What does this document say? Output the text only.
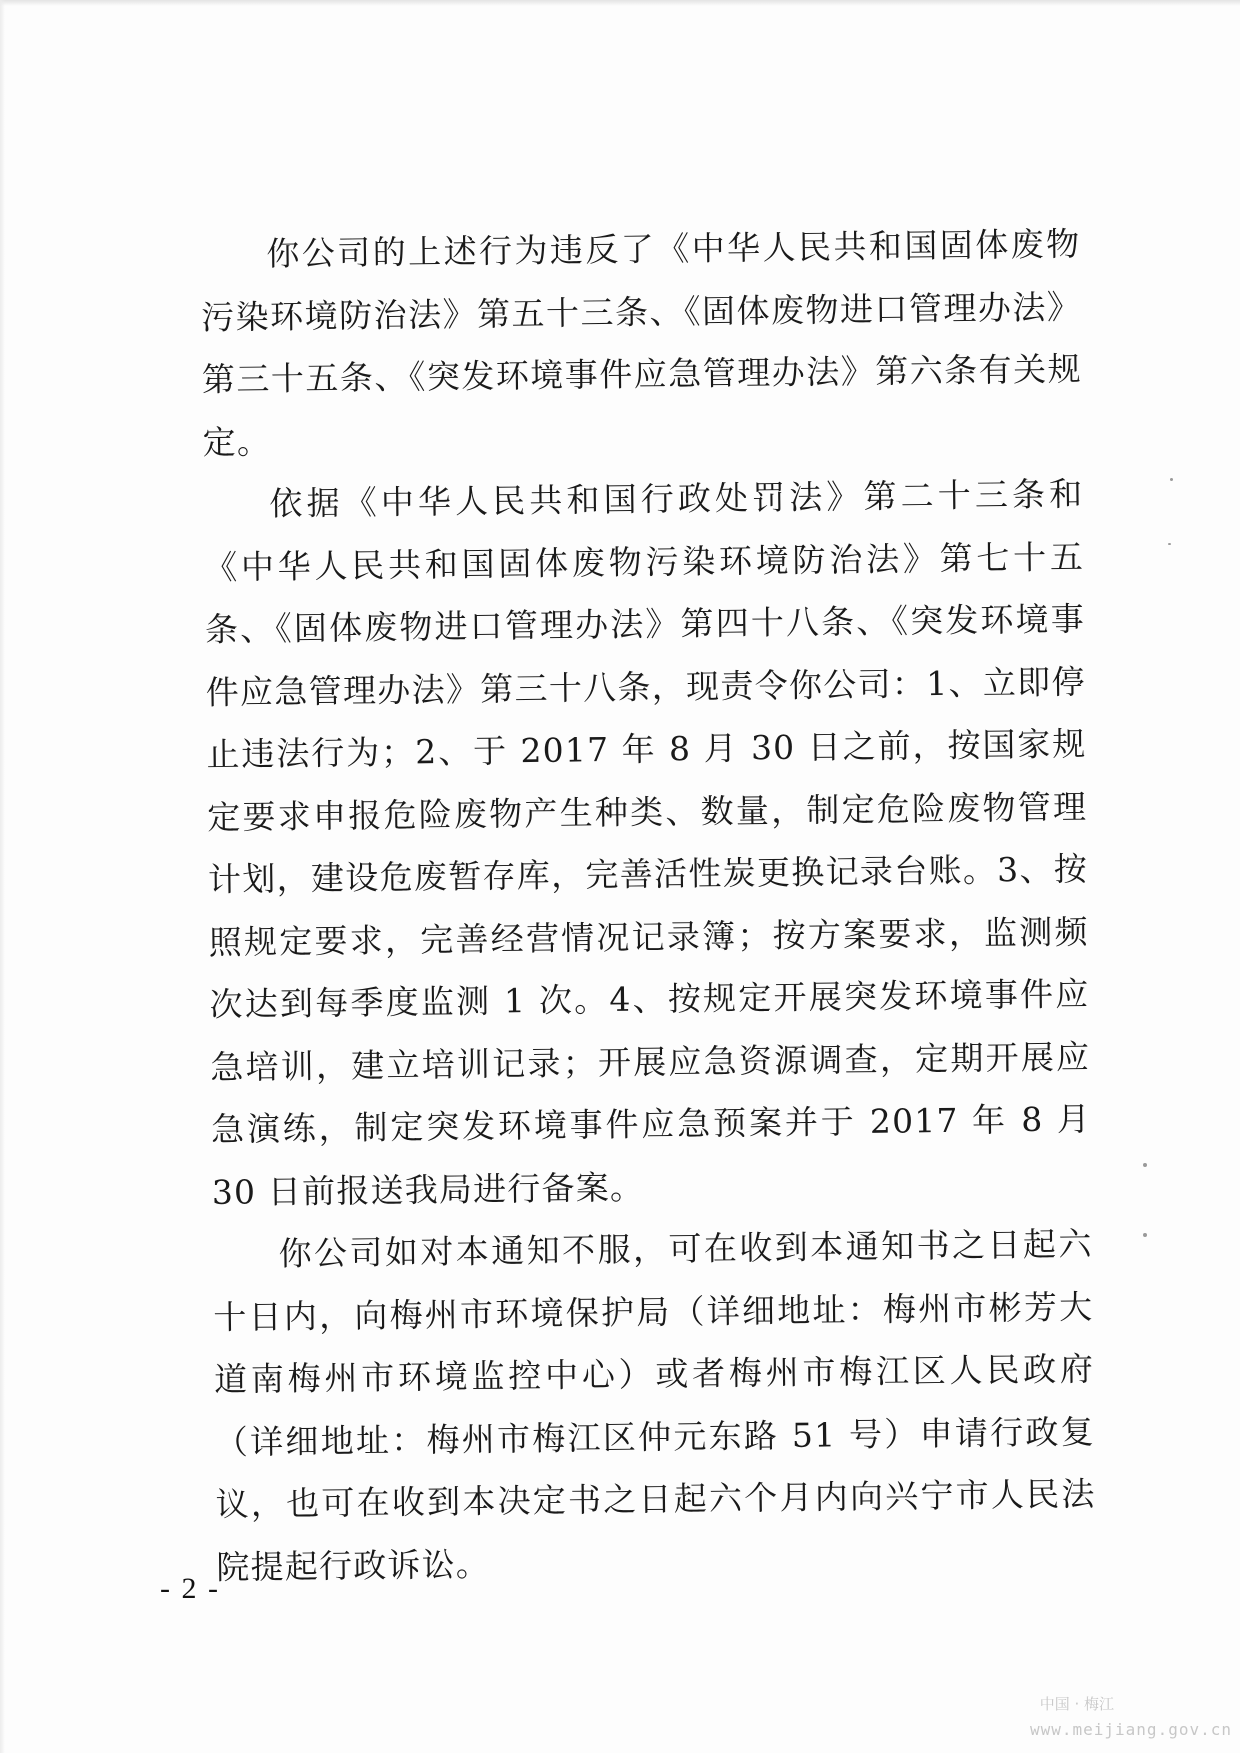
你公司的上述行为违反了《中华人民共和国固体废物污染环境防治法》第五十三条、《固体废物进口管理办法》第三十五条、《突发环境事件应急管理办法》第六条有关规定。

依据《中华人民共和国行政处罚法》第二十三条和《中华人民共和国固体废物污染环境防治法》第七十五条、《固体废物进口管理办法》第四十八条、《突发环境事件应急管理办法》第三十八条，现责令你公司：1、立即停止违法行为；2、于 2017 年 8 月 30 日之前，按国家规定要求申报危险废物产生种类、数量，制定危险废物管理计划，建设危废暂存库，完善活性炭更换记录台账。3、按照规定要求，完善经营情况记录簿；按方案要求，监测频次达到每季度监测 1 次。4、按规定开展突发环境事件应急培训，建立培训记录；开展应急资源调查，定期开展应急演练，制定突发环境事件应急预案并于 2017 年 8 月 30 日前报送我局进行备案。

你公司如对本通知不服，可在收到本通知书之日起六十日内，向梅州市环境保护局（详细地址：梅州市彬芳大道南梅州市环境监控中心）或者梅州市梅江区人民政府（详细地址：梅州市梅江区仲元东路 51 号）申请行政复议，也可在收到本决定书之日起六个月内向兴宁市人民法院提起行政诉讼。

- 2 -
中国 · 梅江
www.meijiang.gov.cn
